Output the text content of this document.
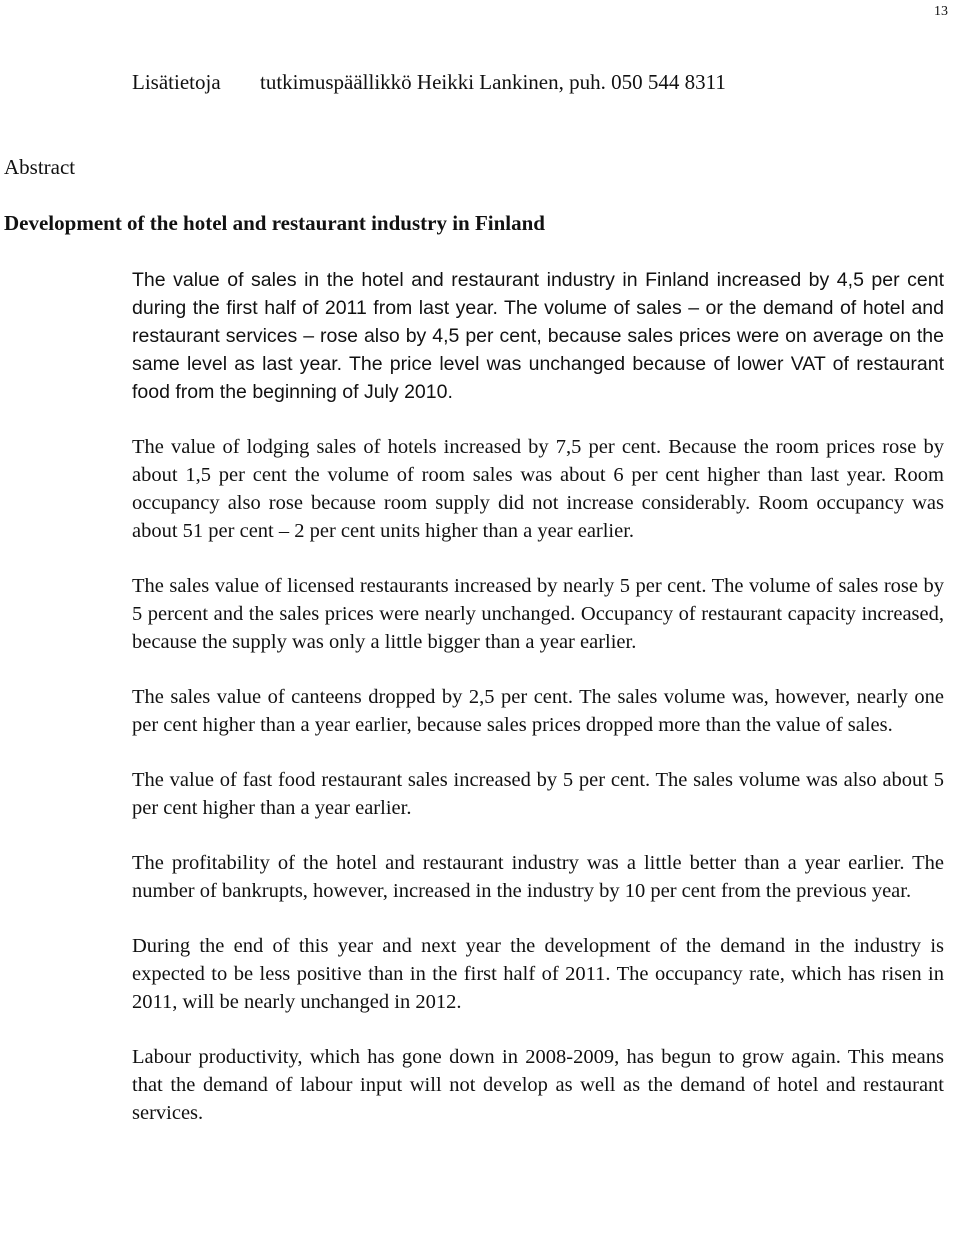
13
Lisätietoja tutkimuspäällikkö Heikki Lankinen, puh. 050 544 8311
Abstract
Development of the hotel and restaurant industry in Finland

The value of sales in the hotel and restaurant industry in Finland increased by 4,5 per cent during the first half of 2011 from last year. The volume of sales – or the demand of hotel and restaurant services – rose also by 4,5 per cent, because sales prices were on average on the same level as last year. The price level was unchanged because of lower VAT of restaurant food from the beginning of July 2010.

The value of lodging sales of hotels increased by 7,5 per cent. Because the room prices rose by about 1,5 per cent the volume of room sales was about 6 per cent higher than last year. Room occupancy also rose because room supply did not increase considerably. Room occupancy was about 51 per cent – 2 per cent units higher than a year earlier.

The sales value of licensed restaurants increased by nearly 5 per cent. The volume of sales rose by 5 percent and the sales prices were nearly unchanged. Occupancy of restaurant capacity increased, because the supply was only a little bigger than a year earlier.

The sales value of canteens dropped by 2,5 per cent. The sales volume was, however, nearly one per cent higher than a year earlier, because sales prices dropped more than the value of sales.

The value of fast food restaurant sales increased by 5 per cent. The sales volume was also about 5 per cent higher than a year earlier.

The profitability of the hotel and restaurant industry was a little better than a year earlier. The number of bankrupts, however, increased in the industry by 10 per cent from the previous year.

During the end of this year and next year the development of the demand in the industry is expected to be less positive than in the first half of 2011. The occupancy rate, which has risen in 2011, will be nearly unchanged in 2012.

Labour productivity, which has gone down in 2008-2009, has begun to grow again. This means that the demand of labour input will not develop as well as the demand of hotel and restaurant services.
